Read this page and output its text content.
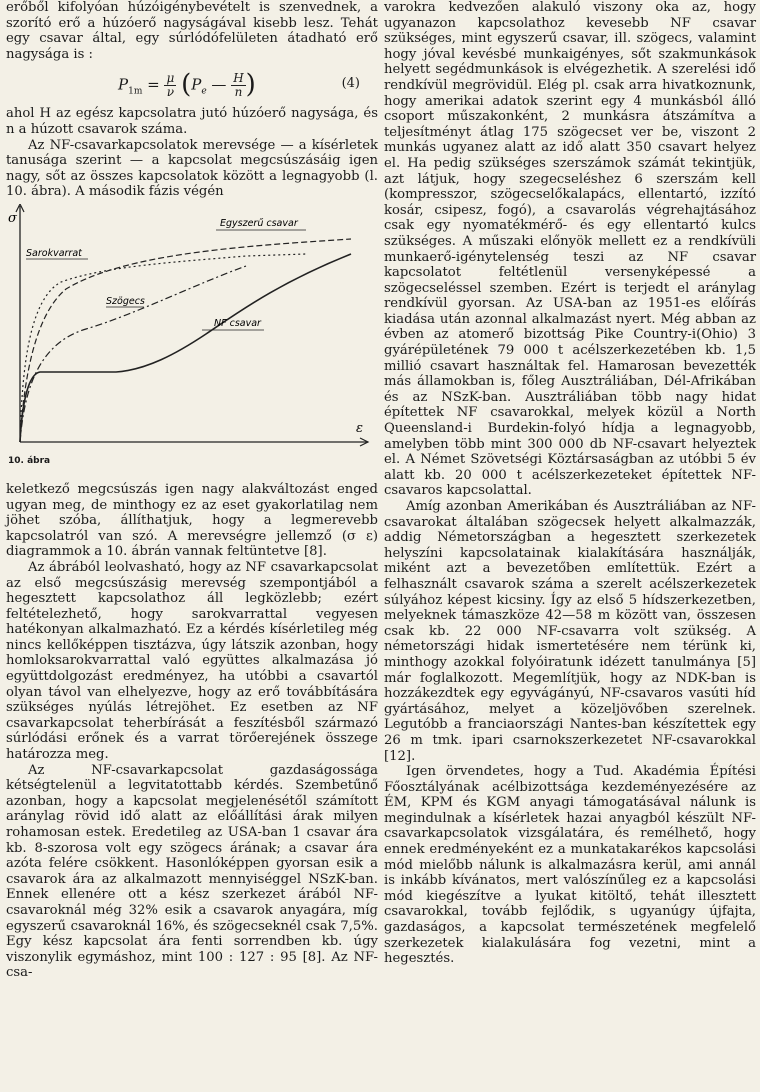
erőből kifolyóan húzóigénybevételt is szenvednek, a szorító erő a húzóerő nagyságával kisebb lesz. Tehát egy csavar által, egy súrlódófelületen átadható erő nagysága is :

$P_{1m} = \frac{\mu}{\nu} (P_e$ — $\frac{H}{n}$ )	(4)

ahol H az egész kapcsolatra jutó húzóerő nagysága, és n a húzott csavarok száma.

Az NF-csavarkapcsolatok merevsége — a kísérletek tanusága szerint — a kapcsolat megcsúszásáig igen nagy, sőt az összes kapcsolatok között a legnagyobb (l. 10. ábra). A második fázis végén

σ
ε
Egyszerű csavar
Sarokvarrat
Szögecs
NF csavar
10. ábra

keletkező megcsúszás igen nagy alakváltozást enged ugyan meg, de minthogy ez az eset gyakorlatilag nem jöhet szóba, állíthatjuk, hogy a legmerevebb kapcsolatról van szó. A merevségre jellemző (σ ε) diagrammok a 10. ábrán vannak feltüntetve [8].

Az ábrából leolvasható, hogy az NF csavarkapcsolat az első megcsúszásig merevség szempontjából a hegesztett kapcsolathoz áll legközlebb; ezért feltételezhető, hogy sarokvarrattal vegyesen hatékonyan alkalmazható. Ez a kérdés kísérletileg még nincs kellőképpen tisztázva, úgy látszik azonban, hogy homloksarokvarrattal való együttes alkalmazása jó együttdolgozást eredményez, ha utóbbi a csavartól olyan távol van elhelyezve, hogy az erő továbbítására szükséges nyúlás létrejöhet. Ez esetben az NF csavarkapcsolat teherbírását a feszítésből származó súrlódási erőnek és a varrat törőerejének összege határozza meg.

Az NF-csavarkapcsolat gazdaságossága kétségtelenül a legvitatottabb kérdés. Szembetűnő azonban, hogy a kapcsolat megjelenésétől számított aránylag rövid idő alatt az előállítási árak milyen rohamosan estek. Eredetileg az USA-ban 1 csavar ára kb. 8-szorosa volt egy szögecs árának; a csavar ára azóta felére csökkent. Hasonlóképpen gyorsan esik a csavarok ára az alkalmazott mennyiséggel NSzK-ban. Ennek ellenére ott a kész szerkezet árából NF-csavaroknál még 32% esik a csavarok anyagára, míg egyszerű csavaroknál 16%, és szögecseknél csak 7,5%. Egy kész kapcsolat ára fenti sorrendben kb. úgy viszonylik egymáshoz, mint 100 : 127 : 95 [8]. Az NF-csa-

varokra kedvezően alakuló viszony oka az, hogy ugyanazon kapcsolathoz kevesebb NF csavar szükséges, mint egyszerű csavar, ill. szögecs, valamint hogy jóval kevésbé munkaigényes, sőt szakmunkások helyett segédmunkások is elvégezhetik. A szerelési idő rendkívül megrövidül. Elég pl. csak arra hivatkoznunk, hogy amerikai adatok szerint egy 4 munkásból álló csoport műszakonként, 2 munkásra átszámítva a teljesítményt átlag 175 szögecset ver be, viszont 2 munkás ugyanez alatt az idő alatt 350 csavart helyez el. Ha pedig szükséges szerszámok számát tekintjük, azt látjuk, hogy szegecseléshez 6 szerszám kell (kompresszor, szögecselőkalapács, ellentartó, izzító kosár, csipesz, fogó), a csavarolás végrehajtásához csak egy nyomatékmérő- és egy ellentartó kulcs szükséges. A műszaki előnyök mellett ez a rendkívüli munkaerő-igénytelenség teszi az NF csavar kapcsolatot feltétlenül versenyképessé a szögecseléssel szemben. Ezért is terjedt el aránylag rendkívül gyorsan. Az USA-ban az 1951-es előírás kiadása után azonnal alkalmazást nyert. Még abban az évben az atomerő bizottság Pike Country-i(Ohio) 3 gyárépületének 79 000 t acélszerkezetében kb. 1,5 millió csavart használtak fel. Hamarosan bevezették más államokban is, főleg Ausztráliában, Dél-Afrikában és az NSzK-ban. Ausztráliában több nagy hidat építettek NF csavarokkal, melyek közül a North Queensland-i Burdekin-folyó hídja a legnagyobb, amelyben több mint 300 000 db NF-csavart helyeztek el. A Német Szövetségi Köztársaságban az utóbbi 5 év alatt kb. 20 000 t acélszerkezeteket építettek NF-csavaros kapcsolattal.

Amíg azonban Amerikában és Ausztráliában az NF-csavarokat általában szögecsek helyett alkalmazzák, addig Németországban a hegesztett szerkezetek helyszíni kapcsolatainak kialakítására használják, miként azt a bevezetőben említettük. Ezért a felhasznált csavarok száma a szerelt acélszerkezetek súlyához képest kicsiny. Így az első 5 hídszerkezetben, melyeknek támaszköze 42—58 m között van, összesen csak kb. 22 000 NF-csavarra volt szükség. A németországi hidak ismertetésére nem térünk ki, minthogy azokkal folyóiratunk idézett tanulmánya [5] már foglalkozott. Megemlítjük, hogy az NDK-ban is hozzákezdtek egy egyvágányú, NF-csavaros vasúti híd gyártásához, melyet a közeljövőben szerelnek. Legutóbb a franciaországi Nantes-ban készítettek egy 26 m tmk. ipari csarnokszerkezetet NF-csavarokkal [12].

Igen örvendetes, hogy a Tud. Akadémia Építési Főosztályának acélbizottsága kezdeményezésére az ÉM, KPM és KGM anyagi támogatásával nálunk is megindulnak a kísérletek hazai anyagból készült NF-csavarkapcsolatok vizsgálatára, és remélhető, hogy ennek eredményeként ez a munkatakarékos kapcsolási mód mielőbb nálunk is alkalmazásra kerül, ami annál is inkább kívánatos, mert valószínűleg ez a kapcsolási mód kiegészítve a lyukat kitöltő, tehát illesztett csavarokkal, tovább fejlődik, s ugyanúgy újfajta, gazdaságos, a kapcsolat természetének megfelelő szerkezetek kialakulására fog vezetni, mint a hegesztés.
